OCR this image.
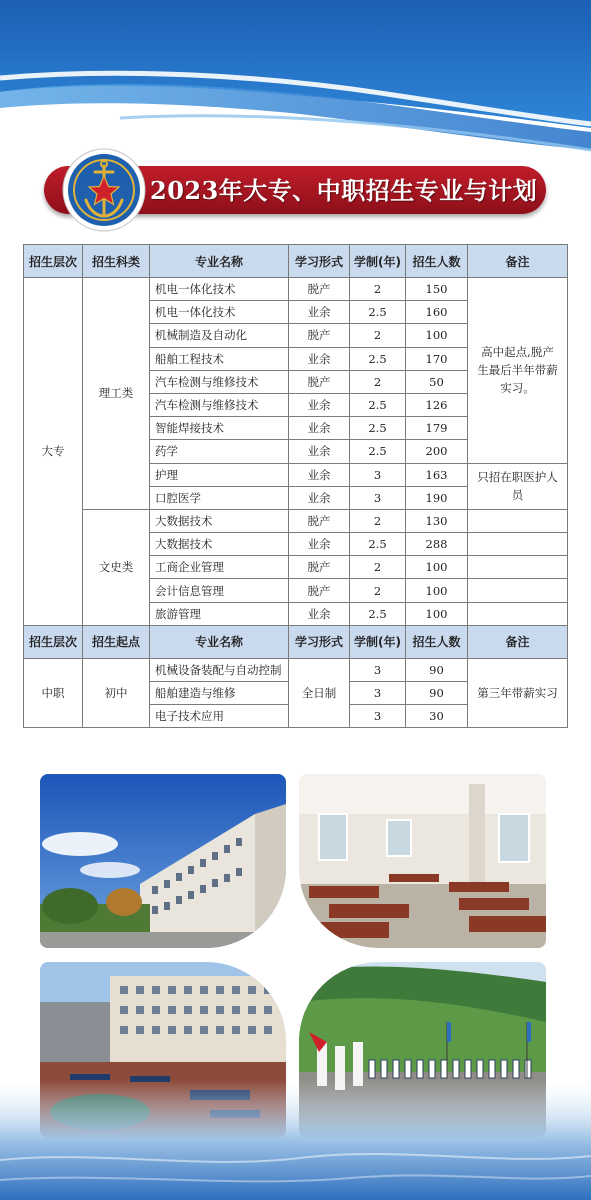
2023年大专、中职招生专业与计划
招生层次	招生科类	专业名称	学习形式	学制(年)	招生人数	备注
大专	理工类	机电一体化技术	脱产	2	150	高中起点,脱产生最后半年带薪实习。
		机电一体化技术	业余	2.5	160	
		机械制造及自动化	脱产	2	100	
		船舶工程技术	业余	2.5	170	
		汽车检测与维修技术	脱产	2	50	
		汽车检测与维修技术	业余	2.5	126	
		智能焊接技术	业余	2.5	179	
		药学	业余	2.5	200	
		护理	业余	3	163	只招在职医护人员
		口腔医学	业余	3	190	
	文史类	大数据技术	脱产	2	130	
		大数据技术	业余	2.5	288	
		工商企业管理	脱产	2	100	
		会计信息管理	脱产	2	100	
		旅游管理	业余	2.5	100	
招生层次	招生起点	专业名称	学习形式	学制(年)	招生人数	备注
中职	初中	机械设备装配与自动控制	全日制	3	90	第三年带薪实习
		船舶建造与维修		3	90	
		电子技术应用		3	30	
